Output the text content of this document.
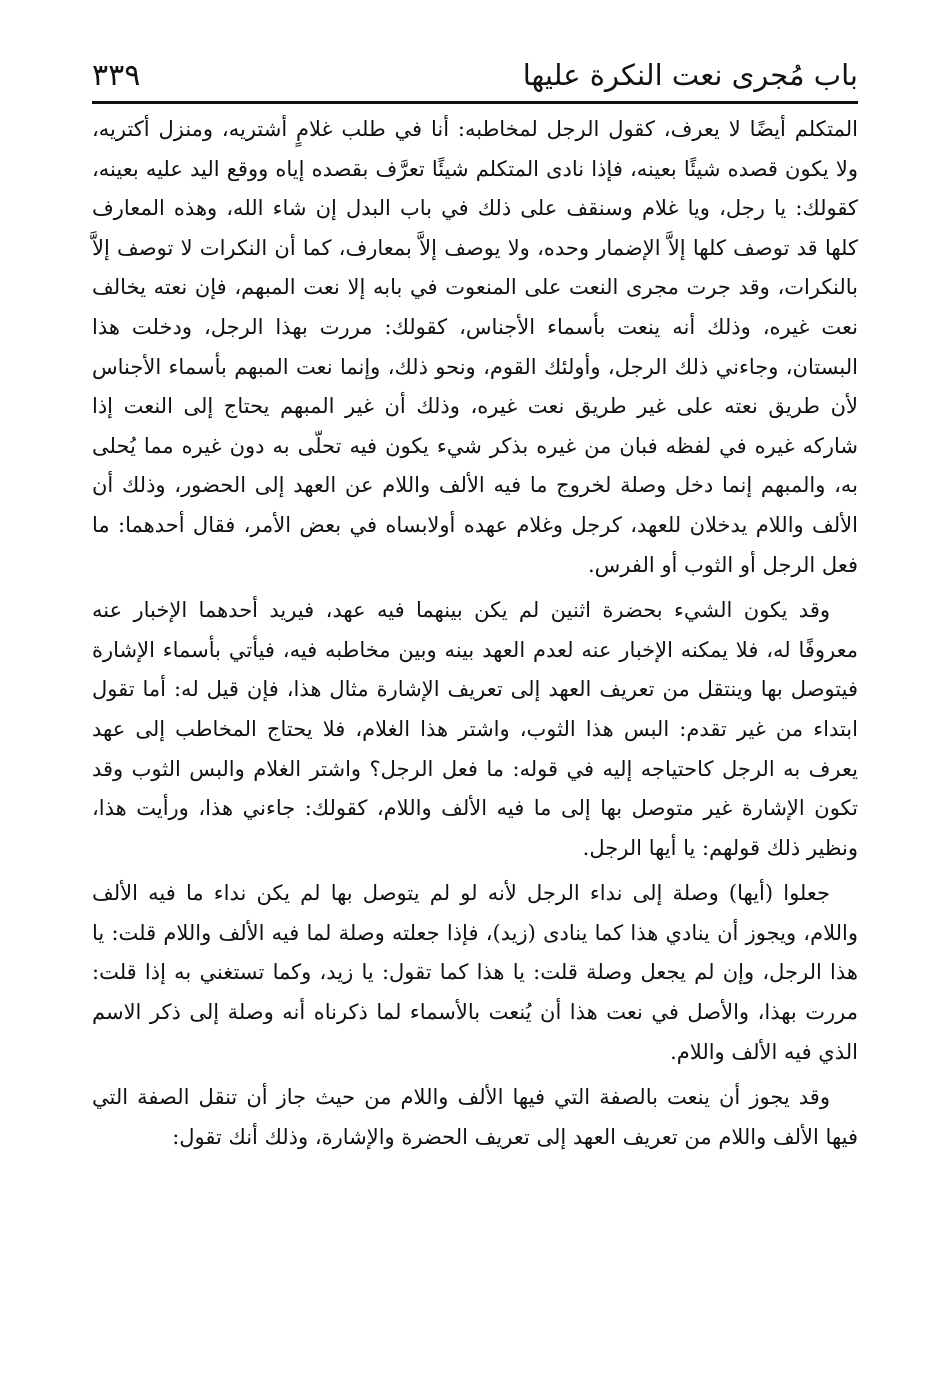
باب مُجرى نعت النكرة عليها
٣٣٩

المتكلم أيضًا لا يعرف، كقول الرجل لمخاطبه: أنا في طلب غلامٍ أشتريه، ومنزل أكتريه، ولا يكون قصده شيئًا بعينه، فإذا نادى المتكلم شيئًا تعرَّف بقصده إياه ووقع اليد عليه بعينه، كقولك: يا رجل، ويا غلام وسنقف على ذلك في باب البدل إن شاء الله، وهذه المعارف كلها قد توصف كلها إلاَّ الإضمار وحده، ولا يوصف إلاَّ بمعارف، كما أن النكرات لا توصف إلاَّ بالنكرات، وقد جرت مجرى النعت على المنعوت في بابه إلا نعت المبهم، فإن نعته يخالف نعت غيره، وذلك أنه ينعت بأسماء الأجناس، كقولك: مررت بهذا الرجل، ودخلت هذا البستان، وجاءني ذلك الرجل، وأولئك القوم، ونحو ذلك، وإنما نعت المبهم بأسماء الأجناس لأن طريق نعته على غير طريق نعت غيره، وذلك أن غير المبهم يحتاج إلى النعت إذا شاركه غيره في لفظه فبان من غيره بذكر شيء يكون فيه تحلّى به دون غيره مما يُحلى به، والمبهم إنما دخل وصلة لخروج ما فيه الألف واللام عن العهد إلى الحضور، وذلك أن الألف واللام يدخلان للعهد، كرجل وغلام عهده أولابساه في بعض الأمر، فقال أحدهما: ما فعل الرجل أو الثوب أو الفرس.

وقد يكون الشيء بحضرة اثنين لم يكن بينهما فيه عهد، فيريد أحدهما الإخبار عنه معروفًا له، فلا يمكنه الإخبار عنه لعدم العهد بينه وبين مخاطبه فيه، فيأتي بأسماء الإشارة فيتوصل بها وينتقل من تعريف العهد إلى تعريف الإشارة مثال هذا، فإن قيل له: أما تقول ابتداء من غير تقدم: البس هذا الثوب، واشتر هذا الغلام، فلا يحتاج المخاطب إلى عهد يعرف به الرجل كاحتياجه إليه في قوله: ما فعل الرجل؟ واشتر الغلام والبس الثوب وقد تكون الإشارة غير متوصل بها إلى ما فيه الألف واللام، كقولك: جاءني هذا، ورأيت هذا، ونظير ذلك قولهم: يا أيها الرجل.

جعلوا (أيها) وصلة إلى نداء الرجل لأنه لو لم يتوصل بها لم يكن نداء ما فيه الألف واللام، ويجوز أن ينادي هذا كما ينادى (زيد)، فإذا جعلته وصلة لما فيه الألف واللام قلت: يا هذا الرجل، وإن لم يجعل وصلة قلت: يا هذا كما تقول: يا زيد، وكما تستغني به إذا قلت: مررت بهذا، والأصل في نعت هذا أن يُنعت بالأسماء لما ذكرناه أنه وصلة إلى ذكر الاسم الذي فيه الألف واللام.

وقد يجوز أن ينعت بالصفة التي فيها الألف واللام من حيث جاز أن تنقل الصفة التي فيها الألف واللام من تعريف العهد إلى تعريف الحضرة والإشارة، وذلك أنك تقول:
